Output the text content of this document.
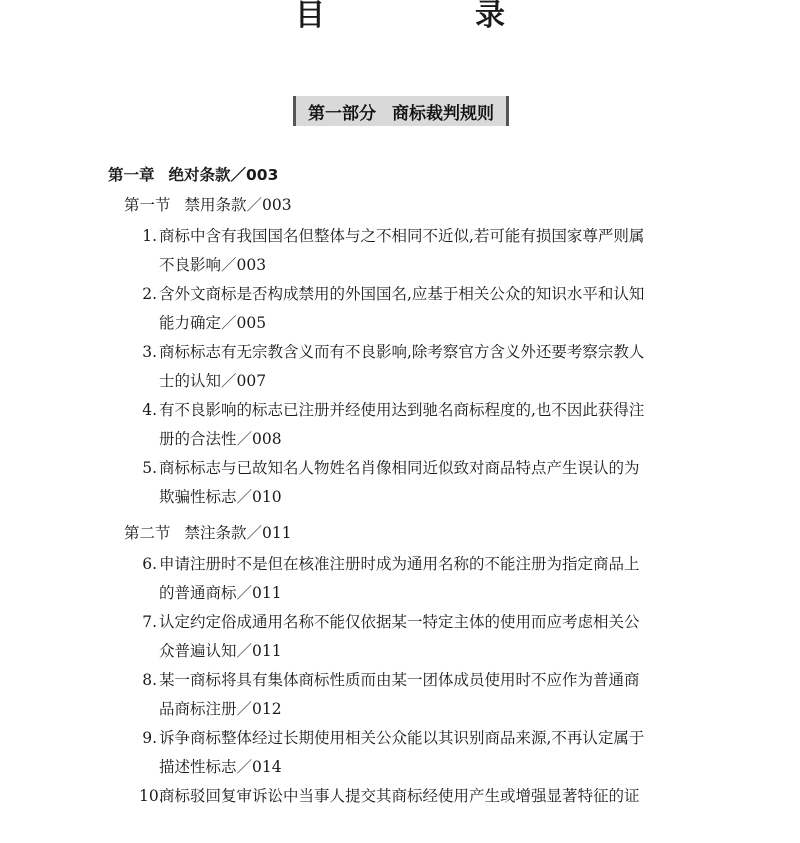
目　录
第一部分 商标裁判规则
第一章 绝对条款／003
第一节 禁用条款／003
1. 商标中含有我国国名但整体与之不相同不近似,若可能有损国家尊严则属
不良影响／003
2. 含外文商标是否构成禁用的外国国名,应基于相关公众的知识水平和认知
能力确定／005
3. 商标标志有无宗教含义而有不良影响,除考察官方含义外还要考察宗教人
士的认知／007
4. 有不良影响的标志已注册并经使用达到驰名商标程度的,也不因此获得注
册的合法性／008
5. 商标标志与已故知名人物姓名肖像相同近似致对商品特点产生误认的为
欺骗性标志／010
第二节 禁注条款／011
6. 申请注册时不是但在核准注册时成为通用名称的不能注册为指定商品上
的普通商标／011
7. 认定约定俗成通用名称不能仅依据某一特定主体的使用而应考虑相关公
众普遍认知／011
8. 某一商标将具有集体商标性质而由某一团体成员使用时不应作为普通商
品商标注册／012
9. 诉争商标整体经过长期使用相关公众能以其识别商品来源,不再认定属于
描述性标志／014
10.商标驳回复审诉讼中当事人提交其商标经使用产生或增强显著特征的证
